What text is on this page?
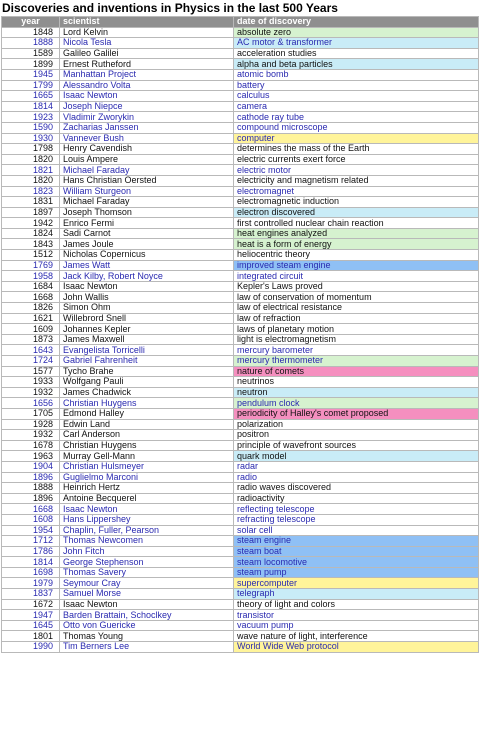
Discoveries and inventions in Physics in the last 500 Years
year	scientist	date of discovery
1848	Lord Kelvin	absolute zero
1888	Nicola Tesla	AC motor & transformer
1589	Galileo Galilei	acceleration studies
1899	Ernest Rutheford	alpha and beta particles
1945	Manhattan Project	atomic bomb
1799	Alessandro Volta	battery
1665	Isaac Newton	calculus
1814	Joseph Niepce	camera
1923	Vladimir Zworykin	cathode ray tube
1590	Zacharias Janssen	compound microscope
1930	Vannever Bush	computer
1798	Henry Cavendish	determines the mass of the Earth
1820	Louis Ampere	electric currents exert force
1821	Michael Faraday	electric motor
1820	Hans Christian Oersted	electricity and magnetism related
1823	William Sturgeon	electromagnet
1831	Michael Faraday	electromagnetic induction
1897	Joseph Thomson	electron discovered
1942	Enrico Fermi	first controlled nuclear chain reaction
1824	Sadi Carnot	heat engines analyzed
1843	James Joule	heat is a form of energy
1512	Nicholas Copernicus	heliocentric theory
1769	James Watt	improved steam engine
1958	Jack Kilby, Robert Noyce	integrated circuit
1684	Isaac Newton	Kepler's Laws proved
1668	John Wallis	law of conservation of momentum
1826	Simon Ohm	law of electrical resistance
1621	Willebrord Snell	law of refraction
1609	Johannes Kepler	laws of planetary motion
1873	James Maxwell	light is electromagnetism
1643	Evangelista Torricelli	mercury barometer
1724	Gabriel Fahrenheit	mercury thermometer
1577	Tycho Brahe	nature of comets
1933	Wolfgang Pauli	neutrinos
1932	James Chadwick	neutron
1656	Christian Huygens	pendulum clock
1705	Edmond Halley	periodicity of Halley's comet proposed
1928	Edwin Land	polarization
1932	Carl Anderson	positron
1678	Christian Huygens	principle of wavefront sources
1963	Murray Gell-Mann	quark model
1904	Christian Hulsmeyer	radar
1896	Guglielmo Marconi	radio
1888	Heinrich Hertz	radio waves discovered
1896	Antoine Becquerel	radioactivity
1668	Isaac Newton	reflecting telescope
1608	Hans Lippershey	refracting telescope
1954	Chaplin, Fuller, Pearson	solar cell
1712	Thomas Newcomen	steam engine
1786	John Fitch	steam boat
1814	George Stephenson	steam locomotive
1698	Thomas Savery	steam pump
1979	Seymour Cray	supercomputer
1837	Samuel Morse	telegraph
1672	Isaac Newton	theory of light and colors
1947	Barden Brattain, Schoclkey	transistor
1645	Otto von Guericke	vacuum pump
1801	Thomas Young	wave nature of light, interference
1990	Tim Berners Lee	World Wide Web protocol
